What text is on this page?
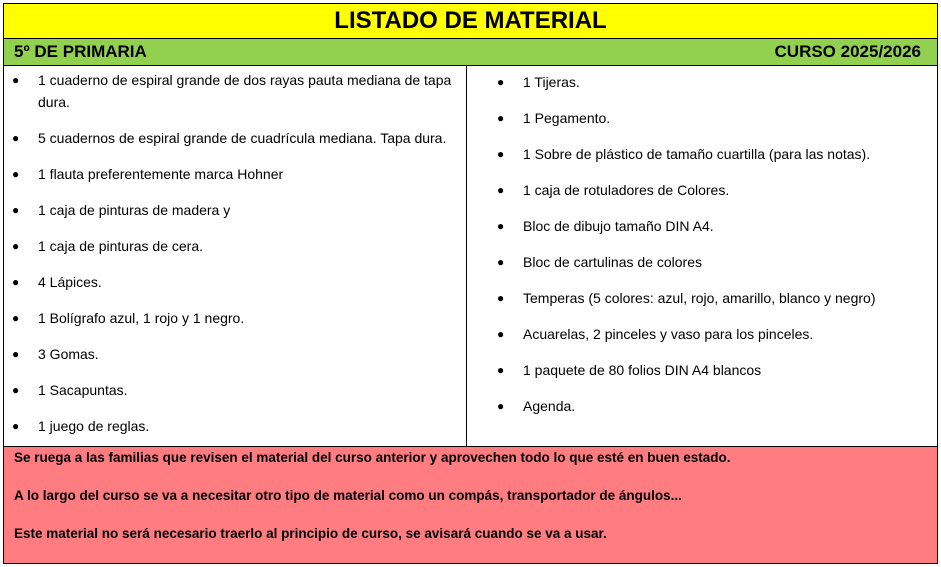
LISTADO DE MATERIAL
5º DE PRIMARIA	CURSO 2025/2026
●	1 cuaderno de espiral grande de dos rayas pauta mediana de tapa dura.
●	5 cuadernos de espiral grande de cuadrícula mediana. Tapa dura.
●	1 flauta preferentemente marca Hohner
●	1 caja de pinturas de madera y
●	1 caja de pinturas de cera.
●	4 Lápices.
●	1 Bolígrafo azul, 1 rojo y 1 negro.
●	3 Gomas.
●	1 Sacapuntas.
●	1 juego de reglas.
●	1 Tijeras.
●	1 Pegamento.
●	1 Sobre de plástico de tamaño cuartilla (para las notas).
●	1 caja de rotuladores de Colores.
●	Bloc de dibujo tamaño DIN A4.
●	Bloc de cartulinas de colores
●	Temperas (5 colores: azul, rojo, amarillo, blanco y negro)
●	Acuarelas, 2 pinceles y vaso para los pinceles.
●	1 paquete de 80 folios DIN A4 blancos
●	Agenda.

Se ruega a las familias que revisen el material del curso anterior y aprovechen todo lo que esté en buen estado.

A lo largo del curso se va a necesitar otro tipo de material como un compás, transportador de ángulos...

Este material no será necesario traerlo al principio de curso, se avisará cuando se va a usar.
